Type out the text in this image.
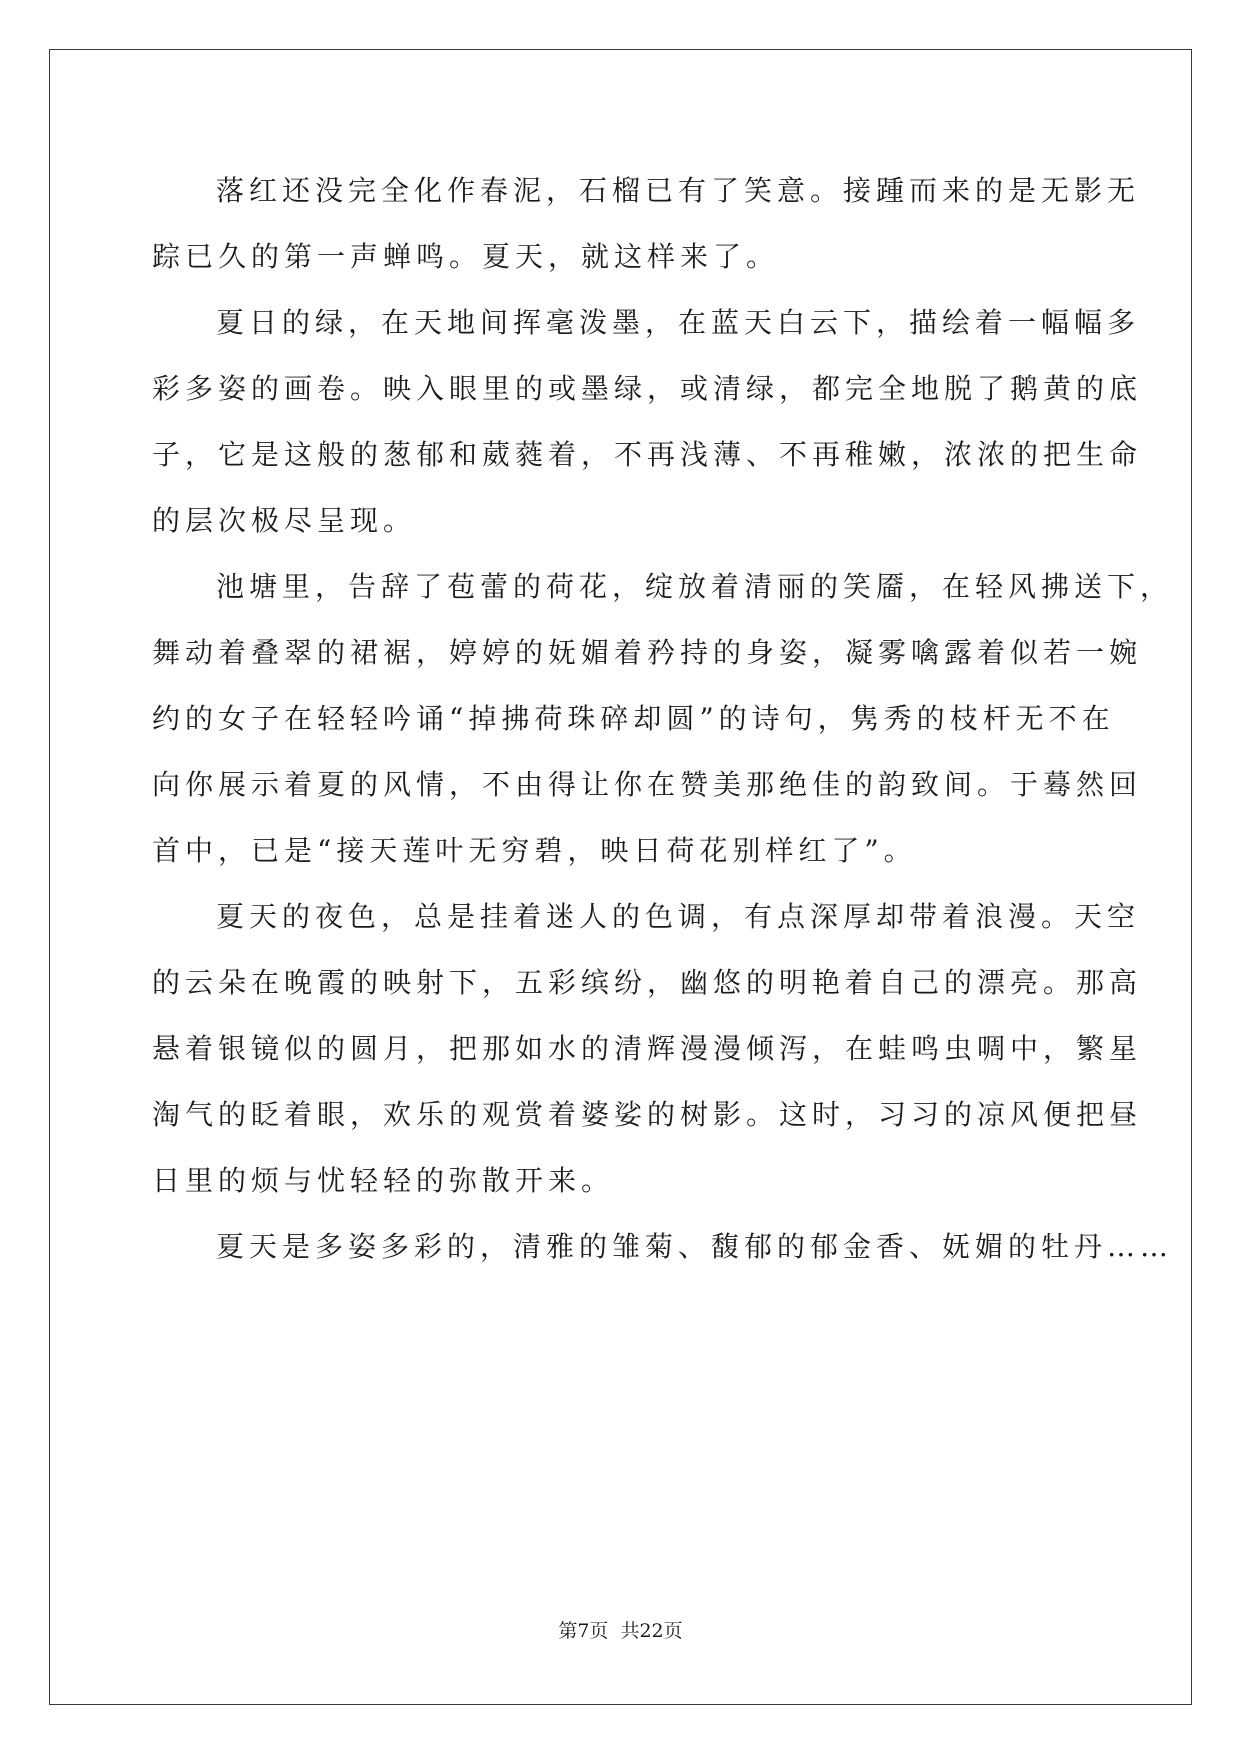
落红还没完全化作春泥，石榴已有了笑意。接踵而来的是无影无
踪已久的第一声蝉鸣。夏天，就这样来了。

夏日的绿，在天地间挥毫泼墨，在蓝天白云下，描绘着一幅幅多
彩多姿的画卷。映入眼里的或墨绿，或清绿，都完全地脱了鹅黄的底
子，它是这般的葱郁和葳蕤着，不再浅薄、不再稚嫩，浓浓的把生命
的层次极尽呈现。

池塘里，告辞了苞蕾的荷花，绽放着清丽的笑靥，在轻风拂送下，
舞动着叠翠的裙裾，婷婷的妩媚着矜持的身姿，凝雾噙露着似若一婉
约的女子在轻轻吟诵“掉拂荷珠碎却圆”的诗句，隽秀的枝杆无不在
向你展示着夏的风情，不由得让你在赞美那绝佳的韵致间。于蓦然回
首中，已是“接天莲叶无穷碧，映日荷花别样红了”。

夏天的夜色，总是挂着迷人的色调，有点深厚却带着浪漫。天空
的云朵在晚霞的映射下，五彩缤纷，幽悠的明艳着自己的漂亮。那高
悬着银镜似的圆月，把那如水的清辉漫漫倾泻，在蛙鸣虫啁中，繁星
淘气的眨着眼，欢乐的观赏着婆娑的树影。这时，习习的凉风便把昼
日里的烦与忧轻轻的弥散开来。

夏天是多姿多彩的，清雅的雏菊、馥郁的郁金香、妩媚的牡丹……

第7页 共22页
